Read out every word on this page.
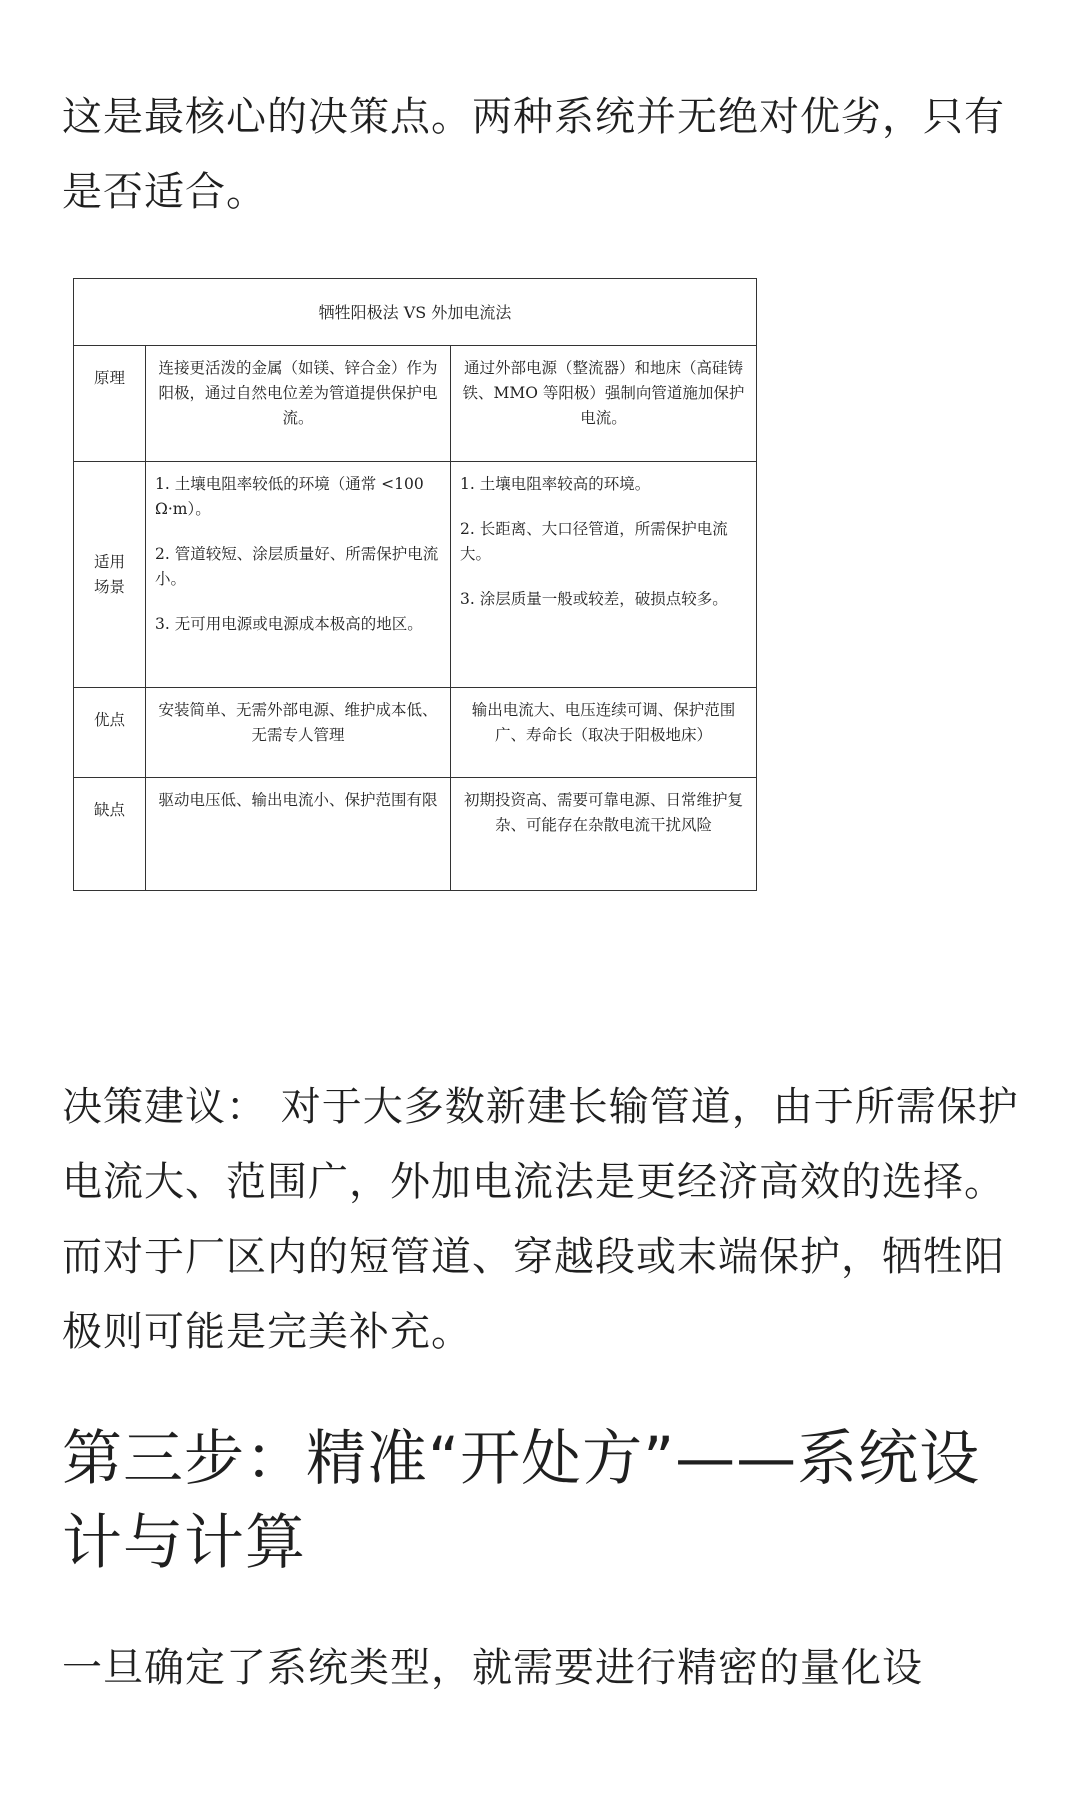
这是最核心的决策点。两种系统并无绝对优劣，只有是否适合。

牺牲阳极法 VS 外加电流法
原理
连接更活泼的金属（如镁、锌合金）作为阳极，通过自然电位差为管道提供保护电流。
通过外部电源（整流器）和地床（高硅铸铁、MMO 等阳极）强制向管道施加保护电流。
适用场景

1. 土壤电阻率较低的环境（通常 <100 Ω·m）。

2. 管道较短、涂层质量好、所需保护电流小。

3. 无可用电源或电源成本极高的地区。

1. 土壤电阻率较高的环境。

2. 长距离、大口径管道，所需保护电流大。

3. 涂层质量一般或较差，破损点较多。

优点
安装简单、无需外部电源、维护成本低、无需专人管理
输出电流大、电压连续可调、保护范围广、寿命长（取决于阳极地床）
缺点
驱动电压低、输出电流小、保护范围有限 初期投资高、需要可靠电源、日常维护复杂、可能存在杂散电流干扰风险

决策建议： 对于大多数新建长输管道，由于所需保护电流大、范围广，外加电流法是更经济高效的选择。而对于厂区内的短管道、穿越段或末端保护，牺牲阳极则可能是完美补充。

第三步：精准“开处方”——系统设计与计算

一旦确定了系统类型，就需要进行精密的量化设
